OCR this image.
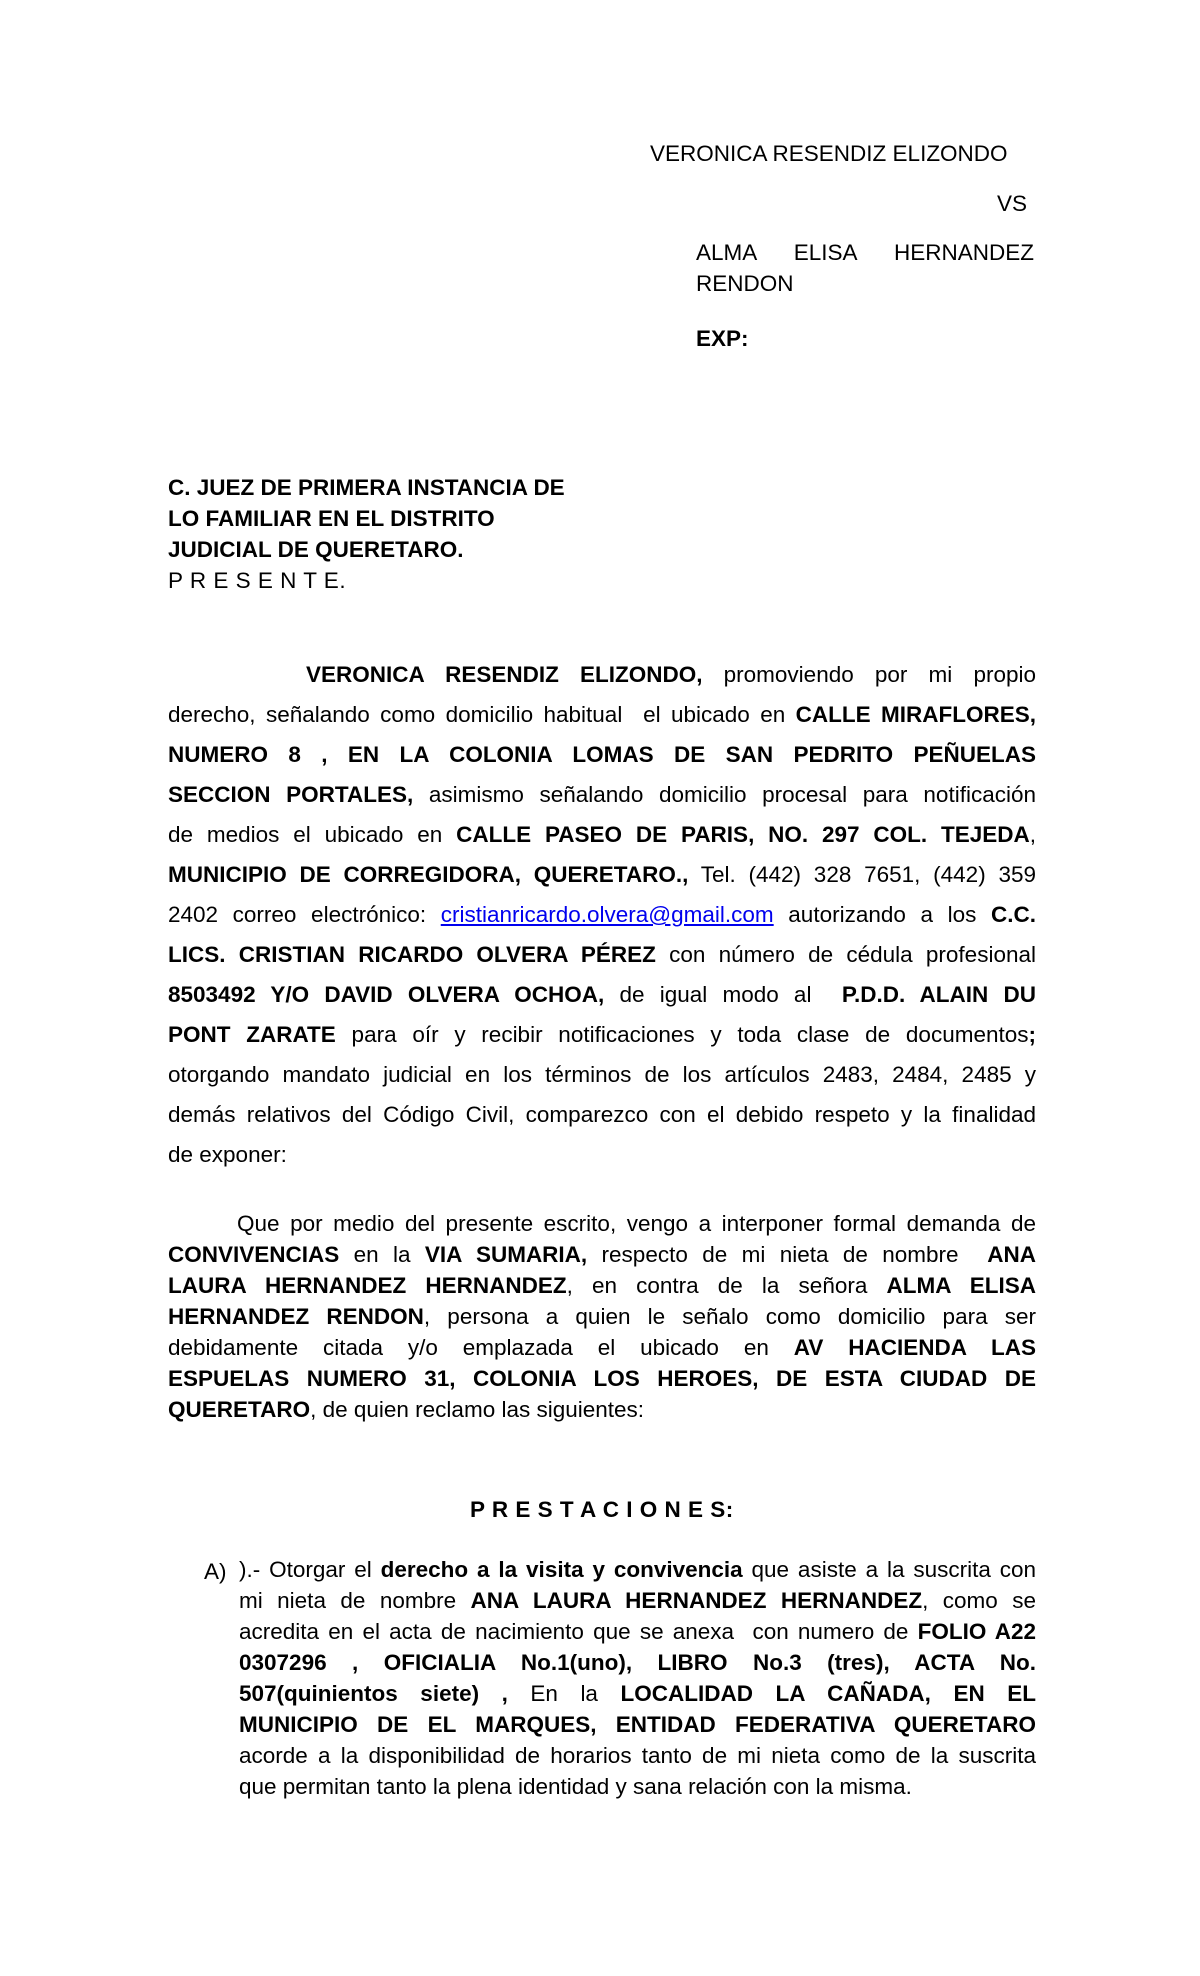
VERONICA RESENDIZ ELIZONDO
VS
ALMA ELISA HERNANDEZ
RENDON
EXP:
C. JUEZ DE PRIMERA INSTANCIA DE
LO FAMILIAR EN EL DISTRITO
JUDICIAL DE QUERETARO.
P R E S E N T E.
VERONICA RESENDIZ ELIZONDO, promoviendo por mi propio
derecho, señalando como domicilio habitual  el ubicado en CALLE MIRAFLORES,
NUMERO 8 , EN LA COLONIA LOMAS DE SAN PEDRITO PEÑUELAS
SECCION PORTALES, asimismo señalando domicilio procesal para notificación
de medios el ubicado en CALLE PASEO DE PARIS, NO. 297 COL. TEJEDA,
MUNICIPIO DE CORREGIDORA, QUERETARO., Tel. (442) 328 7651, (442) 359
2402 correo electrónico: cristianricardo.olvera@gmail.com autorizando a los C.C.
LICS. CRISTIAN RICARDO OLVERA PÉREZ con número de cédula profesional
8503492 Y/O DAVID OLVERA OCHOA, de igual modo al  P.D.D. ALAIN DU
PONT ZARATE para oír y recibir notificaciones y toda clase de documentos;
otorgando mandato judicial en los términos de los artículos 2483, 2484, 2485 y
demás relativos del Código Civil, comparezco con el debido respeto y la finalidad
de exponer:
Que por medio del presente escrito, vengo a interponer formal demanda de
CONVIVENCIAS en la VIA SUMARIA, respecto de mi nieta de nombre  ANA
LAURA HERNANDEZ HERNANDEZ, en contra de la señora ALMA ELISA
HERNANDEZ RENDON, persona a quien le señalo como domicilio para ser
debidamente citada y/o emplazada el ubicado en AV HACIENDA LAS
ESPUELAS NUMERO 31, COLONIA LOS HEROES, DE ESTA CIUDAD DE
QUERETARO, de quien reclamo las siguientes:
P R E S T A C I O N E S:
A) ).- Otorgar el derecho a la visita y convivencia que asiste a la suscrita con
mi nieta de nombre ANA LAURA HERNANDEZ HERNANDEZ, como se
acredita en el acta de nacimiento que se anexa  con numero de FOLIO A22
0307296 , OFICIALIA No.1(uno), LIBRO No.3 (tres), ACTA No.
507(quinientos siete) , En la LOCALIDAD LA CAÑADA, EN EL
MUNICIPIO DE EL MARQUES, ENTIDAD FEDERATIVA QUERETARO
acorde a la disponibilidad de horarios tanto de mi nieta como de la suscrita
que permitan tanto la plena identidad y sana relación con la misma.
